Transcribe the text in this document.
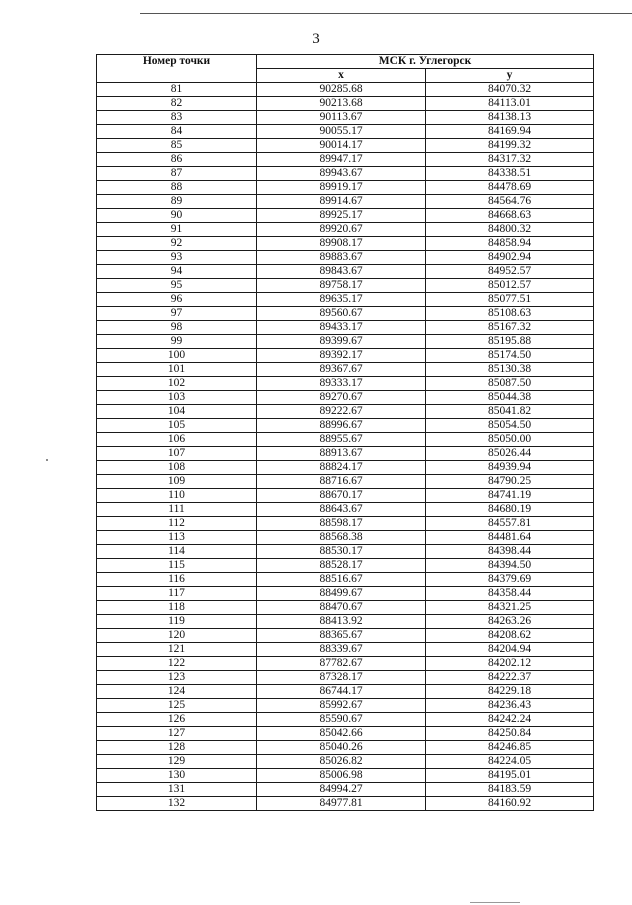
3
Номер точки	МСК г. Углегорск	
	x	y
81	90285.68	84070.32
82	90213.68	84113.01
83	90113.67	84138.13
84	90055.17	84169.94
85	90014.17	84199.32
86	89947.17	84317.32
87	89943.67	84338.51
88	89919.17	84478.69
89	89914.67	84564.76
90	89925.17	84668.63
91	89920.67	84800.32
92	89908.17	84858.94
93	89883.67	84902.94
94	89843.67	84952.57
95	89758.17	85012.57
96	89635.17	85077.51
97	89560.67	85108.63
98	89433.17	85167.32
99	89399.67	85195.88
100	89392.17	85174.50
101	89367.67	85130.38
102	89333.17	85087.50
103	89270.67	85044.38
104	89222.67	85041.82
105	88996.67	85054.50
106	88955.67	85050.00
107	88913.67	85026.44
108	88824.17	84939.94
109	88716.67	84790.25
110	88670.17	84741.19
111	88643.67	84680.19
112	88598.17	84557.81
113	88568.38	84481.64
114	88530.17	84398.44
115	88528.17	84394.50
116	88516.67	84379.69
117	88499.67	84358.44
118	88470.67	84321.25
119	88413.92	84263.26
120	88365.67	84208.62
121	88339.67	84204.94
122	87782.67	84202.12
123	87328.17	84222.37
124	86744.17	84229.18
125	85992.67	84236.43
126	85590.67	84242.24
127	85042.66	84250.84
128	85040.26	84246.85
129	85026.82	84224.05
130	85006.98	84195.01
131	84994.27	84183.59
132	84977.81	84160.92
